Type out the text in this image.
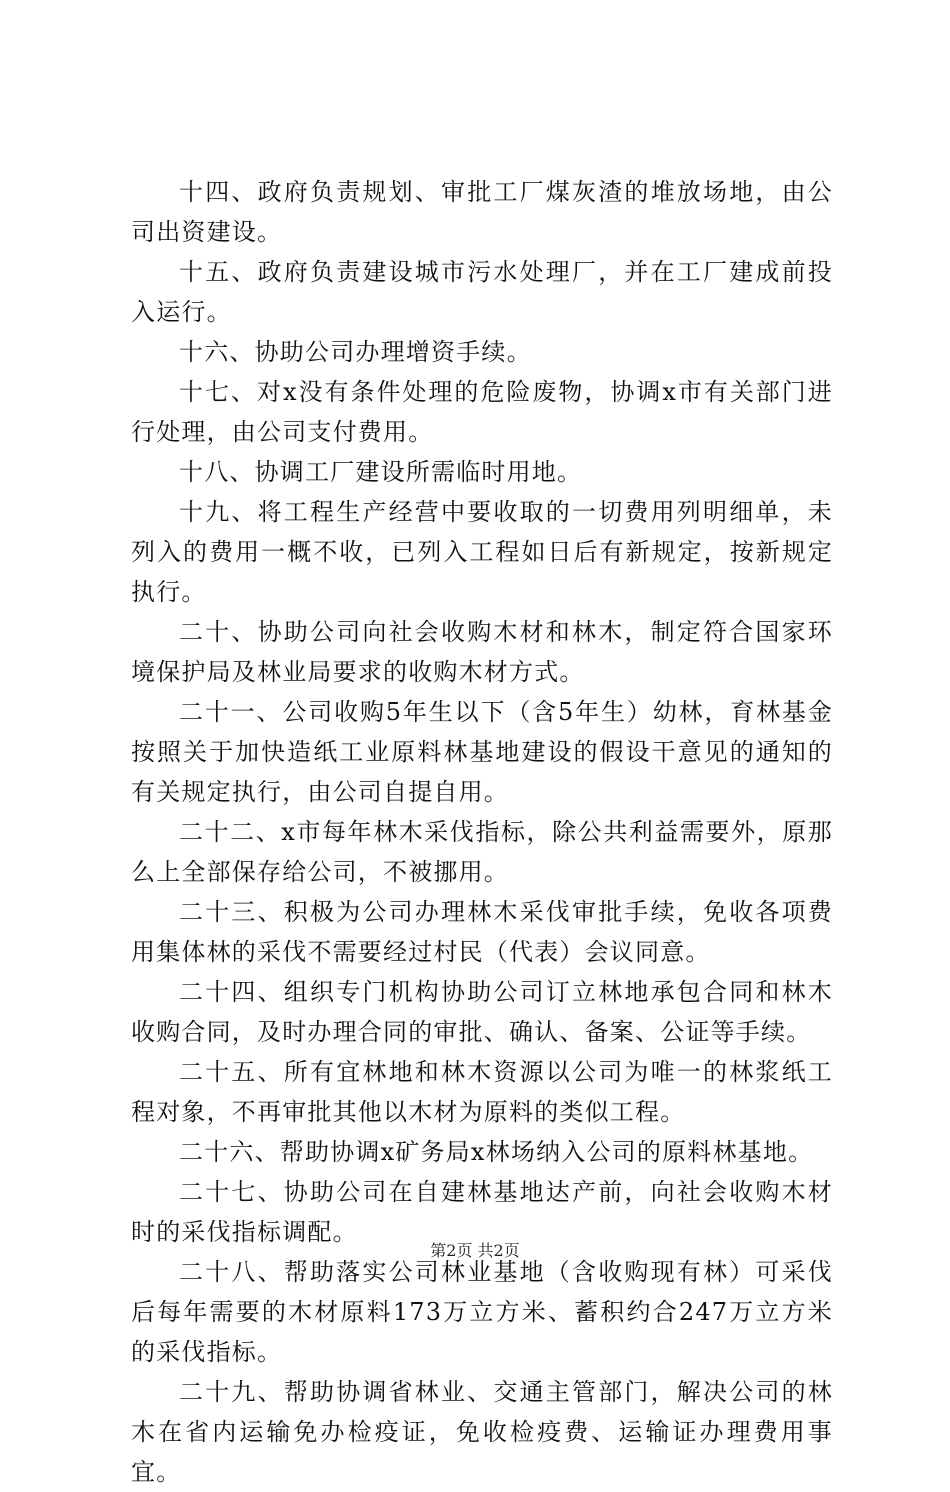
十四、政府负责规划、审批工厂煤灰渣的堆放场地，由公司出资建设。

十五、政府负责建设城市污水处理厂，并在工厂建成前投入运行。

十六、协助公司办理增资手续。

十七、对x没有条件处理的危险废物，协调x市有关部门进行处理，由公司支付费用。

十八、协调工厂建设所需临时用地。

十九、将工程生产经营中要收取的一切费用列明细单，未列入的费用一概不收，已列入工程如日后有新规定，按新规定执行。

二十、协助公司向社会收购木材和林木，制定符合国家环境保护局及林业局要求的收购木材方式。

二十一、公司收购5年生以下（含5年生）幼林，育林基金按照关于加快造纸工业原料林基地建设的假设干意见的通知的有关规定执行，由公司自提自用。

二十二、x市每年林木采伐指标，除公共利益需要外，原那么上全部保存给公司，不被挪用。

二十三、积极为公司办理林木采伐审批手续，免收各项费用集体林的采伐不需要经过村民（代表）会议同意。

二十四、组织专门机构协助公司订立林地承包合同和林木收购合同，及时办理合同的审批、确认、备案、公证等手续。

二十五、所有宜林地和林木资源以公司为唯一的林浆纸工程对象，不再审批其他以木材为原料的类似工程。

二十六、帮助协调x矿务局x林场纳入公司的原料林基地。

二十七、协助公司在自建林基地达产前，向社会收购木材时的采伐指标调配。

二十八、帮助落实公司林业基地（含收购现有林）可采伐后每年需要的木材原料173万立方米、蓄积约合247万立方米的采伐指标。

二十九、帮助协调省林业、交通主管部门，解决公司的林木在省内运输免办检疫证，免收检疫费、运输证办理费用事宜。

第2页 共2页
